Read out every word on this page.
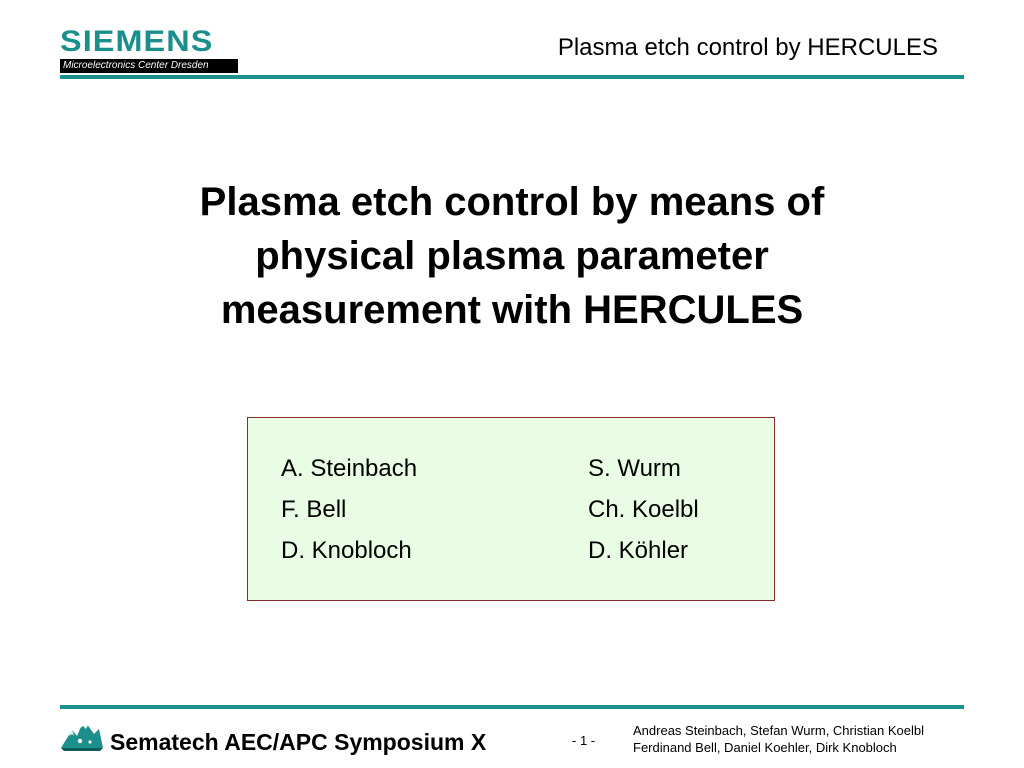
SIEMENS
Microelectronics Center Dresden
Plasma etch control by HERCULES
Plasma etch control by means of
physical plasma parameter
measurement with HERCULES
A. Steinbach	S. Wurm
F. Bell	Ch. Koelbl
D. Knobloch	D. Köhler
Sematech AEC/APC Symposium X	- 1 -
Andreas Steinbach, Stefan Wurm, Christian Koelbl
Ferdinand Bell, Daniel Koehler, Dirk Knobloch
